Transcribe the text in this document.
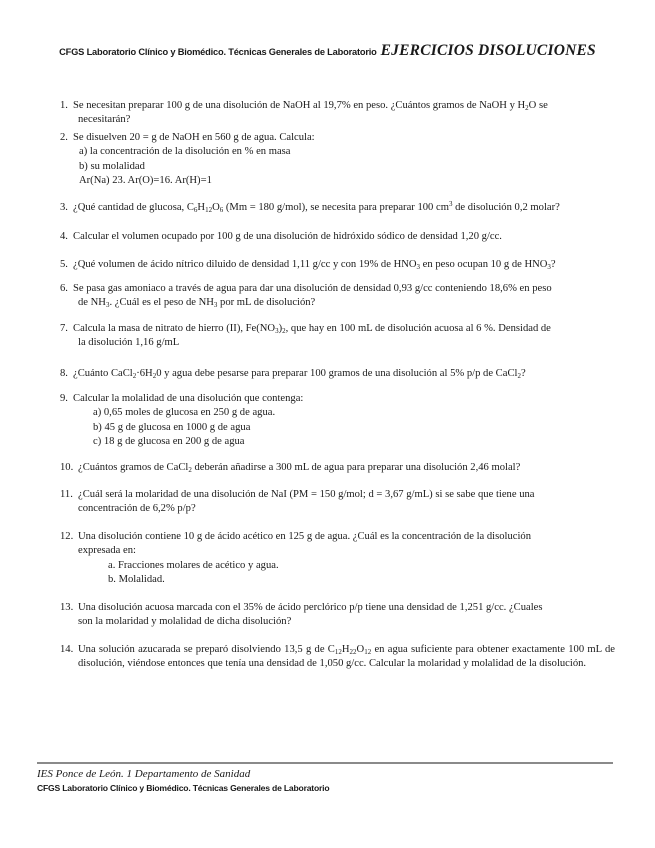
CFGS Laboratorio Clínico y Biomédico. Técnicas Generales de Laboratorio EJERCICIOS DISOLUCIONES
1. Se necesitan preparar 100 g de una disolución de NaOH al 19,7% en peso. ¿Cuántos gramos de NaOH y $H_2O$ se
necesitarán?
2. Se disuelven 20 = g de NaOH en 560 g de agua. Calcula:
a) la concentración de la disolución en % en masa
b) su molalidad
Ar(Na) 23. Ar(O)=16. Ar(H)=1
3. ¿Qué cantidad de glucosa, $C_6H_{12}O_6$ (Mm = 180 g/mol), se necesita para preparar 100 $cm^3$ de disolución 0,2 molar?
4. Calcular el volumen ocupado por 100 g de una disolución de hidróxido sódico de densidad 1,20 g/cc.
5. ¿Qué volumen de ácido nítrico diluido de densidad 1,11 g/cc y con 19% de $HNO_3$ en peso ocupan 10 g de $HNO_3$?
6. Se pasa gas amoniaco a través de agua para dar una disolución de densidad 0,93 g/cc conteniendo 18,6% en peso
de $NH_3$. ¿Cuál es el peso de $NH_3$ por mL de disolución?
7. Calcula la masa de nitrato de hierro (II), $Fe(NO_3)_2$, que hay en 100 mL de disolución acuosa al 6 %. Densidad de
la disolución 1,16 g/mL
8. ¿Cuánto $CaCl_2\cdot 6H_20$ y agua debe pesarse para preparar 100 gramos de una disolución al 5% p/p de CaCl$_2$?
9. Calcular la molalidad de una disolución que contenga:
a) 0,65 moles de glucosa en 250 g de agua.
b) 45 g de glucosa en 1000 g de agua
c) 18 g de glucosa en 200 g de agua
10. ¿Cuántos gramos de CaCl$_2$ deberán añadirse a 300 mL de agua para preparar una disolución 2,46 molal?
11. ¿Cuál será la molaridad de una disolución de NaI (PM = 150 g/mol; d = 3,67 g/mL) si se sabe que tiene una
concentración de 6,2% p/p?
12. Una disolución contiene 10 g de ácido acético en 125 g de agua. ¿Cuál es la concentración de la disolución
expresada en:
a. Fracciones molares de acético y agua.
b. Molalidad.
13. Una disolución acuosa marcada con el 35% de ácido perclórico p/p tiene una densidad de 1,251 g/cc. ¿Cuales
son la molaridad y molalidad de dicha disolución?
14. Una solución azucarada se preparó disolviendo 13,5 g de $C_{12}H_{22}O_{12}$ en agua suficiente para obtener exactamente 100 mL de disolución, viéndose entonces que tenía una densidad de 1,050 g/cc. Calcular la molaridad y molalidad de la disolución.
IES Ponce de León. 1 Departamento de Sanidad
CFGS Laboratorio Clínico y Biomédico. Técnicas Generales de Laboratorio
